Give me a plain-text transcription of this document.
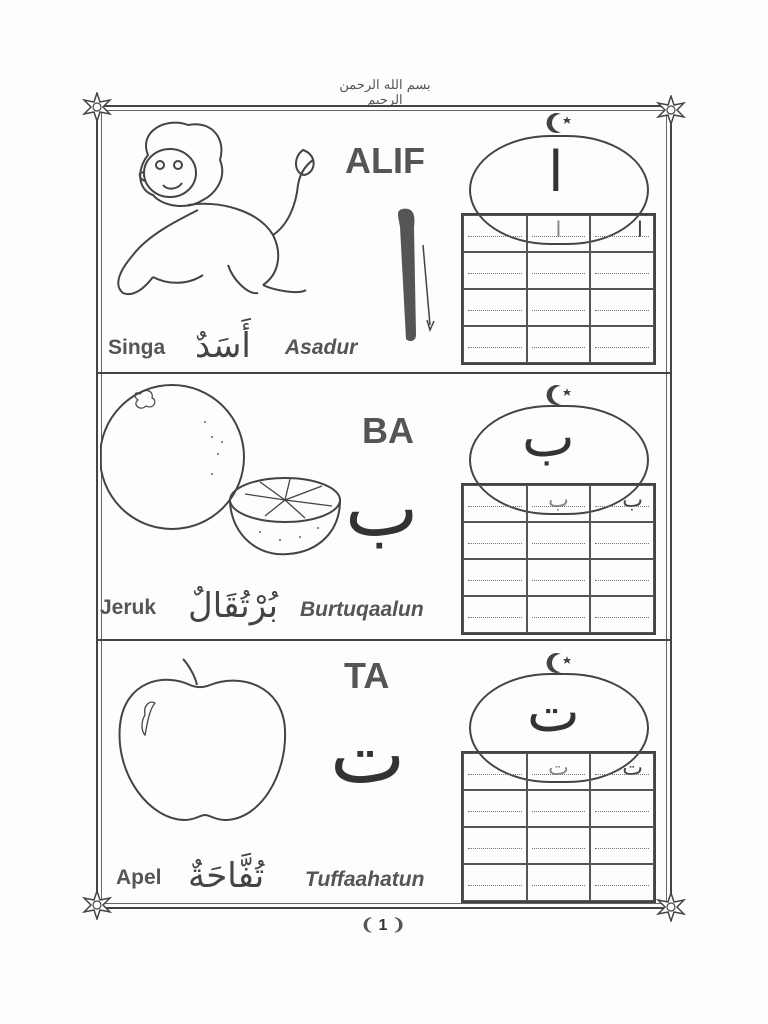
بسم الله الرحمن الرحيم
ALIF ا
ا	ا
Singa أَسَدٌ Asadur
BA
ب
ب
ب ب
Jeruk بُرْتُقَالٌ Burtuqaalun
TA
ت ت
ت ت
Apel تُفَّاحَةٌ Tuffaahatun
❨ 1 ❩
